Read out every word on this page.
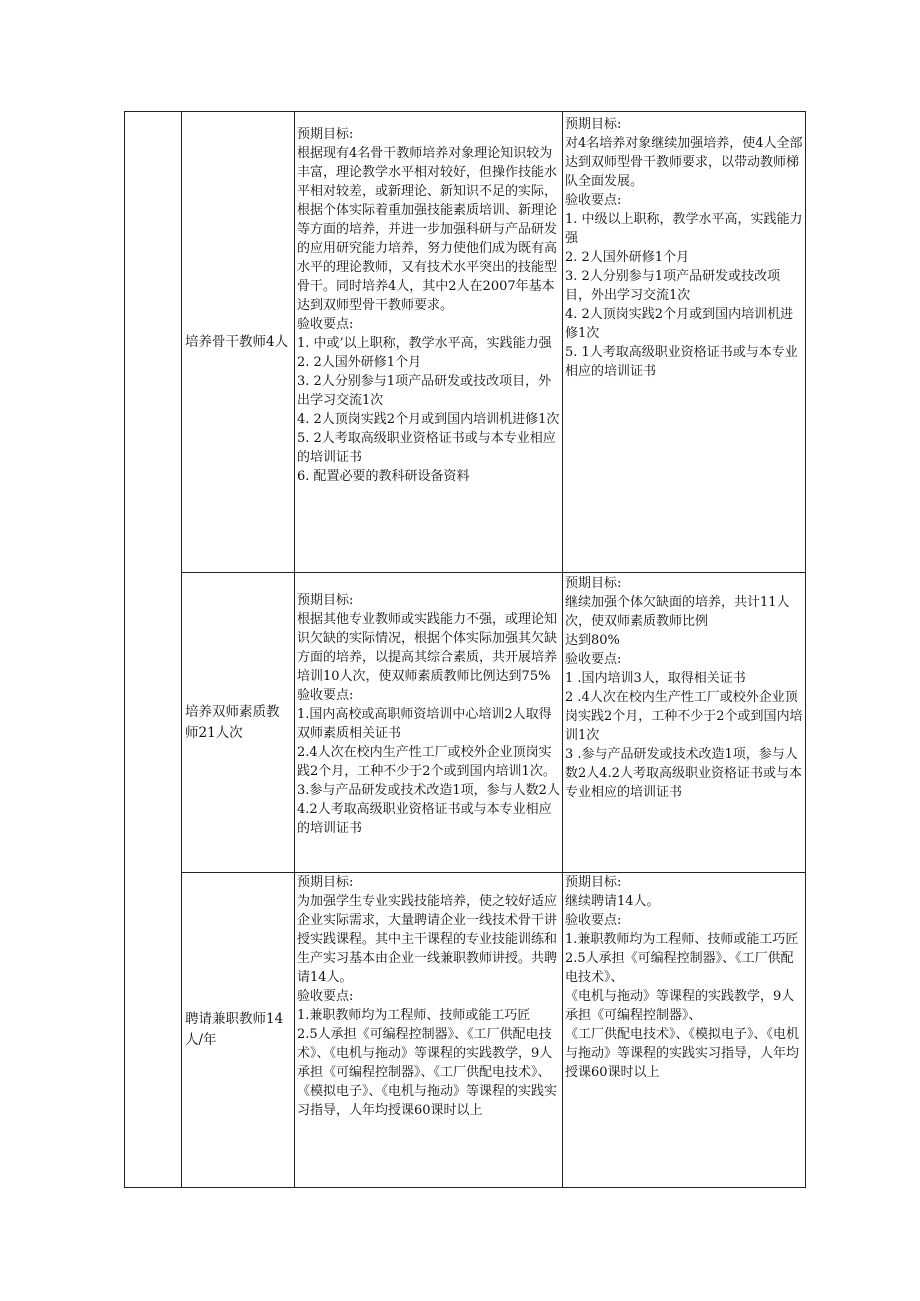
培养骨干教师4人

预期目标:

根据现有4名骨干教师培养对象理论知识较为丰富，理论教学水平相对较好，但操作技能水平相对较差，或新理论、新知识不足的实际，根据个体实际着重加强技能素质培训、新理论等方面的培养，并进一步加强科研与产品研发的应用研究能力培养，努力使他们成为既有高水平的理论教师，又有技术水平突出的技能型骨干。同时培养4人，其中2人在2007年基本达到双师型骨干教师要求。

验收要点:

1. 中或’以上职称，教学水平高，实践能力强

2. 2人国外研修1个月

3. 2人分别参与1项产品研发或技改项目，外出学习交流1次

4. 2人顶岗实践2个月或到国内培训机进修1次

5. 2人考取高级职业资格证书或与本专业相应的培训证书

6. 配置必要的教科研设备资料

预期目标:

对4名培养对象继续加强培养，使4人全部达到双师型骨干教师要求，以带动教师梯队全面发展。

验收要点:

1. 中级以上职称，教学水平高，实践能力强

2. 2人国外研修1个月

3. 2人分别参与1项产品研发或技改项目，外出学习交流1次

4. 2人顶岗实践2个月或到国内培训机进修1次

5. 1人考取高级职业资格证书或与本专业相应的培训证书

培养双师素质教师21人次

预期目标:

根据其他专业教师或实践能力不强，或理论知识欠缺的实际情况，根据个体实际加强其欠缺方面的培养，以提高其综合素质，共开展培养培训10人次，使双师素质教师比例达到75%验收要点:

1.国内高校或高职师资培训中心培训2人取得双师素质相关证书

2.4人次在校内生产性工厂或校外企业顶岗实践2个月，工种不少于2个或到国内培训1次。

3.参与产品研发或技术改造1项，参与人数2人

4.2人考取高级职业资格证书或与本专业相应的培训证书

预期目标:

继续加强个体欠缺面的培养，共计11人次，使双师素质教师比例

达到80%

验收要点:

1 .国内培训3人，取得相关证书

2 .4人次在校内生产性工厂或校外企业顶岗实践2个月，工种不少于2个或到国内培训1次

3 .参与产品研发或技术改造1项，参与人数2人4.2人考取高级职业资格证书或与本专业相应的培训证书

聘请兼职教师14人/年

预期目标:

为加强学生专业实践技能培养，使之较好适应企业实际需求，大量聘请企业一线技术骨干讲授实践课程。其中主干课程的专业技能训练和生产实习基本由企业一线兼职教师讲授。共聘请14人。

验收要点:

1.兼职教师均为工程师、技师或能工巧匠

2.5人承担《可编程控制器》、《工厂供配电技术》、《电机与拖动》等课程的实践教学，9人承担《可编程控制器》、《工厂供配电技术》、《模拟电子》、《电机与拖动》等课程的实践实习指导，人年均授课60课时以上

预期目标:

继续聘请14人。

验收要点:

1.兼职教师均为工程师、技师或能工巧匠2.5人承担《可编程控制器》、《工厂供配电技术》、

《电机与拖动》等课程的实践教学，9人承担《可编程控制器》、

《工厂供配电技术》、《模拟电子》、《电机与拖动》等课程的实践实习指导，人年均授课60课时以上
